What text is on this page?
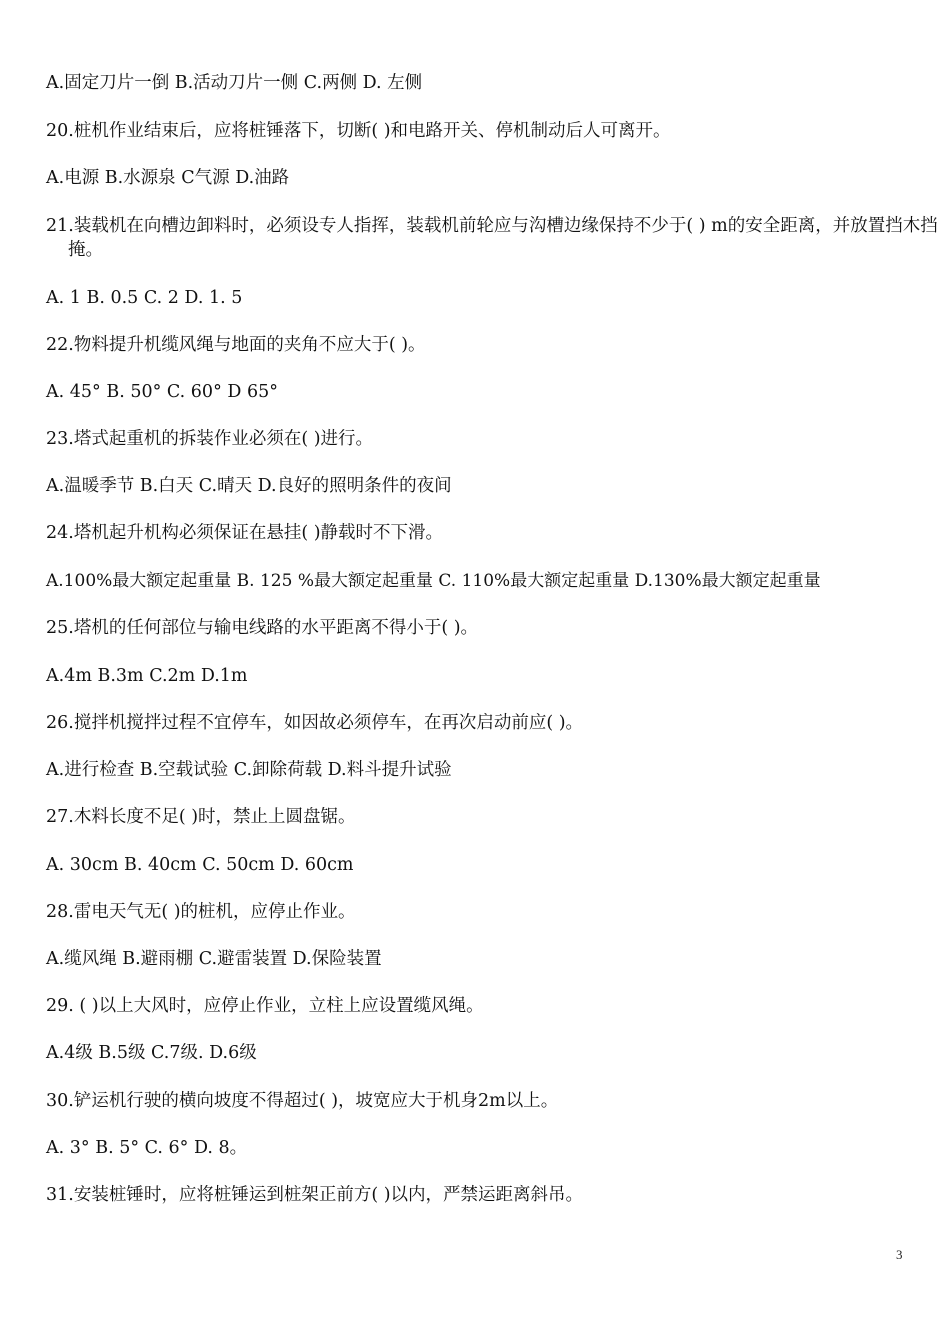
A.固定刀片一倒 B.活动刀片一侧 C.两侧 D. 左侧
20.桩机作业结束后，应将桩锤落下，切断( )和电路开关、停机制动后人可离开。
A.电源 B.水源泉 C气源 D.油路
21.装载机在向槽边卸料时，必须设专人指挥，装载机前轮应与沟槽边缘保持不少于( ) m的安全距离，并放置挡木挡掩。
A. 1 B. 0.5 C. 2 D. 1. 5
22.物料提升机缆风绳与地面的夹角不应大于( )。
A. 45° B. 50° C. 60° D 65°
23.塔式起重机的拆装作业必须在( )进行。
A.温暖季节 B.白天 C.晴天 D.良好的照明条件的夜间
24.塔机起升机构必须保证在悬挂( )静载时不下滑。
A.100%最大额定起重量 B. 125 %最大额定起重量 C. 110%最大额定起重量 D.130%最大额定起重量
25.塔机的任何部位与输电线路的水平距离不得小于( )。
A.4m B.3m C.2m D.1m
26.搅拌机搅拌过程不宜停车，如因故必须停车，在再次启动前应( )。
A.进行检查 B.空载试验 C.卸除荷载 D.料斗提升试验
27.木料长度不足( )时，禁止上圆盘锯。
A. 30cm B. 40cm C. 50cm D. 60cm
28.雷电天气无( )的桩机，应停止作业。
A.缆风绳 B.避雨棚 C.避雷装置 D.保险装置
29. ( )以上大风时，应停止作业，立柱上应设置缆风绳。
A.4级 B.5级 C.7级. D.6级
30.铲运机行驶的横向坡度不得超过( )，坡宽应大于机身2m以上。
A. 3° B. 5° C. 6° D. 8。
31.安装桩锤时，应将桩锤运到桩架正前方( )以内，严禁运距离斜吊。
3
